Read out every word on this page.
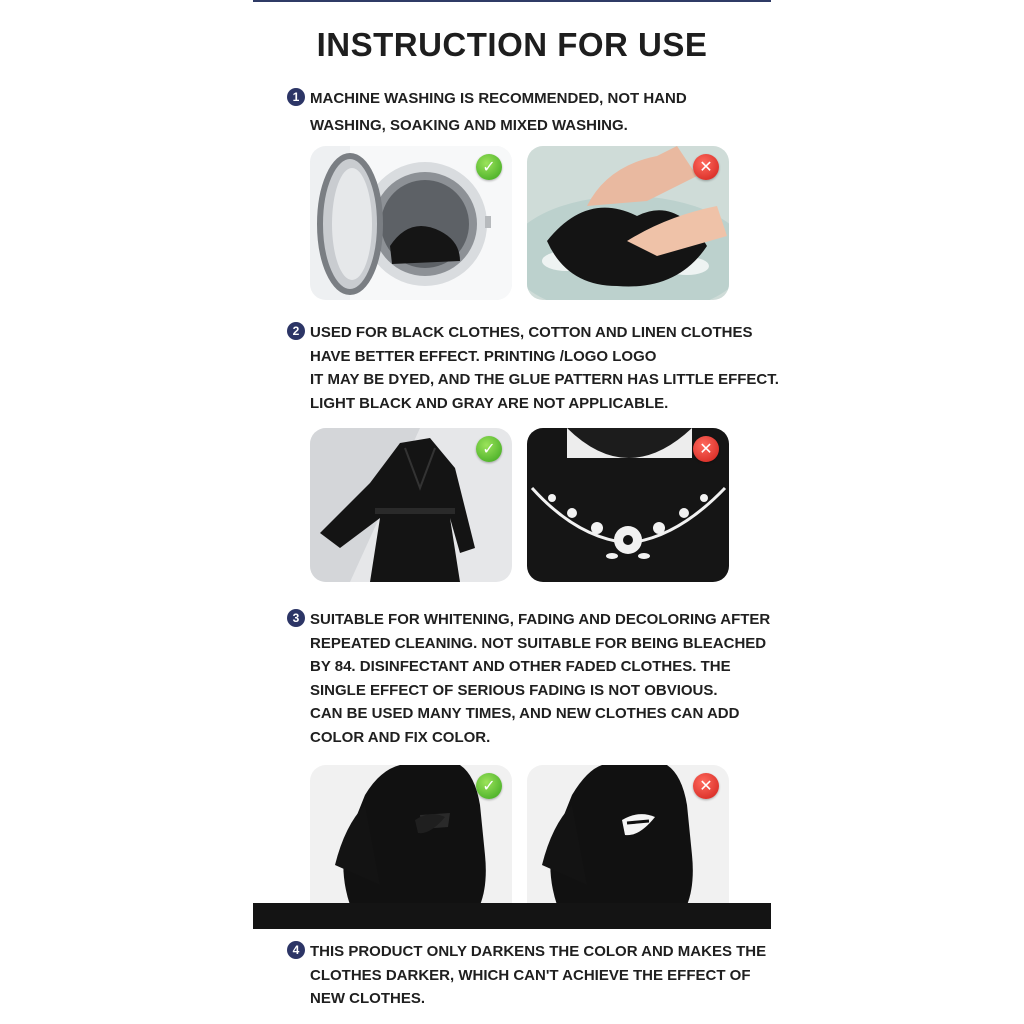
INSTRUCTION FOR USE
1 MACHINE WASHING IS RECOMMENDED, NOT HAND
WASHING, SOAKING AND MIXED WASHING.
✓	✕
2 USED FOR BLACK CLOTHES, COTTON AND LINEN CLOTHES
HAVE BETTER EFFECT. PRINTING /LOGO LOGO
IT MAY BE DYED, AND THE GLUE PATTERN HAS LITTLE EFFECT.
LIGHT BLACK AND GRAY ARE NOT APPLICABLE.
✓	✕
3 SUITABLE FOR WHITENING, FADING AND DECOLORING AFTER
REPEATED CLEANING. NOT SUITABLE FOR BEING BLEACHED
BY 84. DISINFECTANT AND OTHER FADED CLOTHES. THE
SINGLE EFFECT OF SERIOUS FADING IS NOT OBVIOUS.
CAN BE USED MANY TIMES, AND NEW CLOTHES CAN ADD
COLOR AND FIX COLOR.
✓	✕
4 THIS PRODUCT ONLY DARKENS THE COLOR AND MAKES THE
CLOTHES DARKER, WHICH CAN'T ACHIEVE THE EFFECT OF
NEW CLOTHES.
